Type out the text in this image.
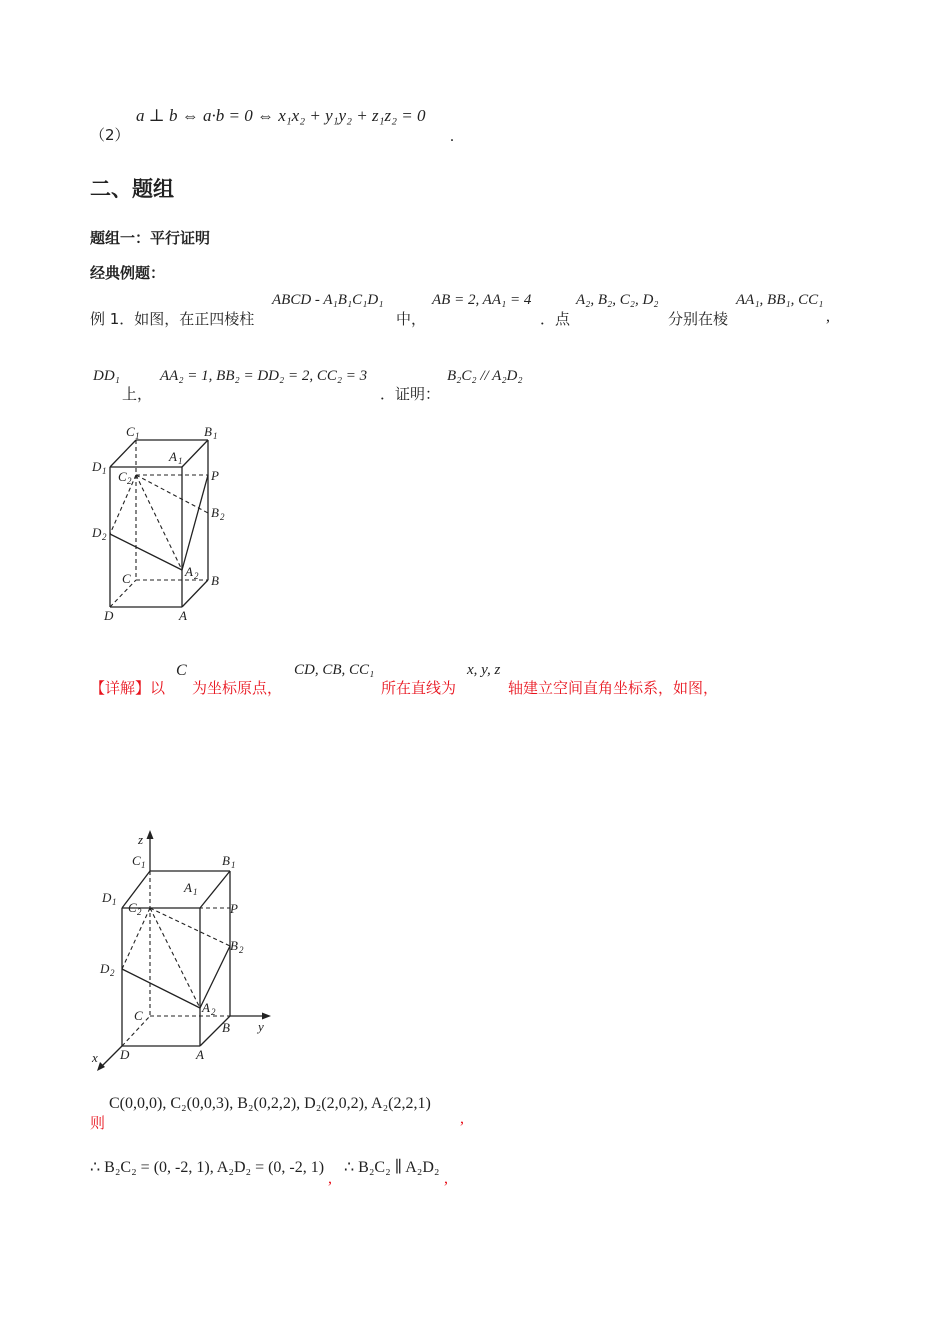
（2）
a ⊥ b ⇔ a·b = 0 ⇔ x₁x₂ + y₁y₂ + z₁z₂ = 0
.
二、题组
题组一：平行证明
经典例题：
例 1．如图，在正四棱柱
ABCD - A₁B₁C₁D₁
中，
AB = 2, AA₁ = 4
．点
A₂, B₂, C₂, D₂
分别在棱
AA₁, BB₁, CC₁
,
DD₁
上，
AA₂ = 1, BB₂ = DD₂ = 2, CC₂ = 3
．证明：
B₂C₂ // A₂D₂
C 1	B 1
A 1
D 1	P
C 2
B 2
D 2
A 2
C	B
D	A
【详解】以
C
为坐标原点，
CD, CB, CC₁
所在直线为
x, y, z
轴建立空间直角坐标系，如图，
z
y
x
C 1	B 1
A 1
D 1 C 2	P
B 2
D 2
A 2
C
B
D	A
则
C(0,0,0), C₂(0,0,3), B₂(0,2,2), D₂(2,0,2), A₂(2,2,1)
,
∴ B₂C₂ = (0, -2, 1), A₂D₂ = (0, -2, 1)
,
∴ B₂C₂ ∥ A₂D₂
,
